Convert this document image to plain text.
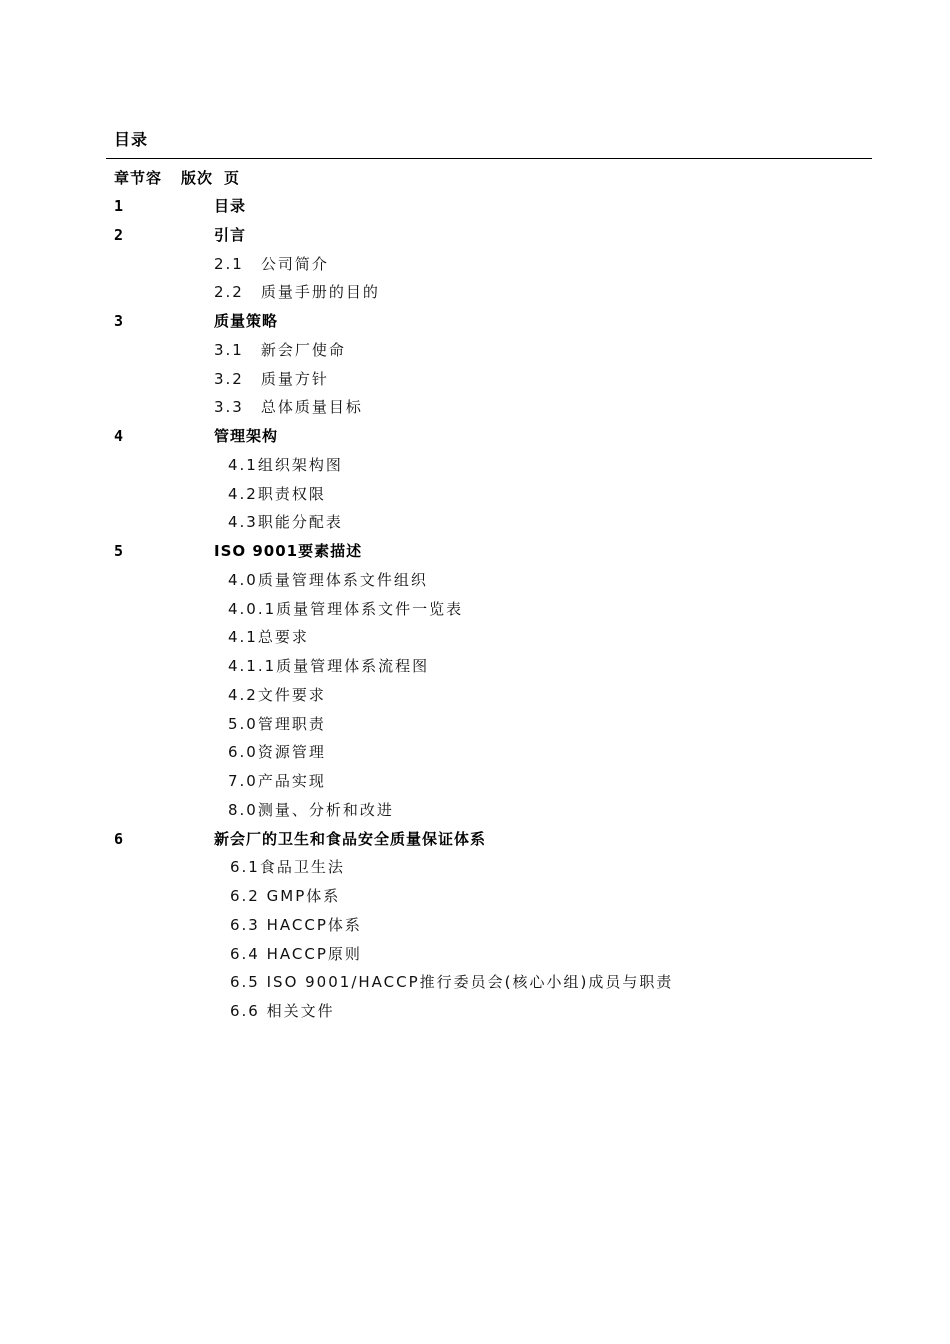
目录
章节容 版次 页
1	目录
2	引言
2.1　公司简介
2.2　质量手册的目的
3	质量策略
3.1　新会厂使命
3.2　质量方针
3.3　总体质量目标
4	管理架构
4.1组织架构图
4.2职责权限
4.3职能分配表
5	ISO 9001要素描述
4.0质量管理体系文件组织
4.0.1质量管理体系文件一览表
4.1总要求
4.1.1质量管理体系流程图
4.2文件要求
5.0管理职责
6.0资源管理
7.0产品实现
8.0测量、分析和改进
6	新会厂的卫生和食品安全质量保证体系
6.1食品卫生法
6.2 GMP体系
6.3 HACCP体系
6.4 HACCP原则
6.5 ISO 9001/HACCP推行委员会(核心小组)成员与职责
6.6 相关文件
